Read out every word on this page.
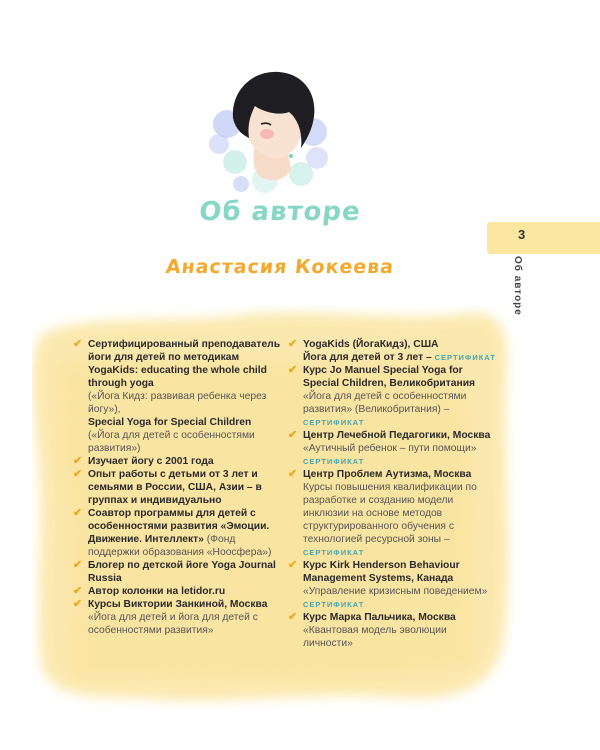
Об авторе
Анастасия Кокеева
3
Об авторе
✔ Сертифицированный преподаватель йоги для детей по методикам YogaKids: educating the whole child through yoga
(«Йога Кидз: развивая ребенка через йогу»),
Special Yoga for Special Children («Йога для детей с особенностями развития»)
✔ Изучает йогу с 2001 года
✔ Опыт работы с детьми от 3 лет и семьями в России, США, Азии – в группах и индивидуально
✔ Соавтор программы для детей с особенностями развития «Эмоции. Движение. Интеллект» (Фонд поддержки образования «Ноосфера»)
✔ Блогер по детской йоге Yoga Journal Russia
✔ Автор колонки на letidor.ru
✔ Курсы Виктории Занкиной, Москва
«Йога для детей и йога для детей с особенностями развития»
✔ YogaKids (ЙогаКидз), США
Йога для детей от 3 лет – СЕРТИФИКАТ
✔ Курс Jo Manuel Special Yoga for Special Children, Великобритания
«Йога для детей с особенностями развития» (Великобритания) – СЕРТИФИКАТ
✔ Центр Лечебной Педагогики, Москва
«Аутичный ребенок – пути помощи»
СЕРТИФИКАТ
✔ Центр Проблем Аутизма, Москва
Курсы повышения квалификации по разработке и созданию модели инклюзии на основе методов структурированного обучения с технологией ресурсной зоны – СЕРТИФИКАТ
✔ Курс Kirk Henderson Behaviour Management Systems, Канада
«Управление кризисным поведением»
СЕРТИФИКАТ
✔ Курс Марка Пальчика, Москва
«Квантовая модель эволюции личности»
